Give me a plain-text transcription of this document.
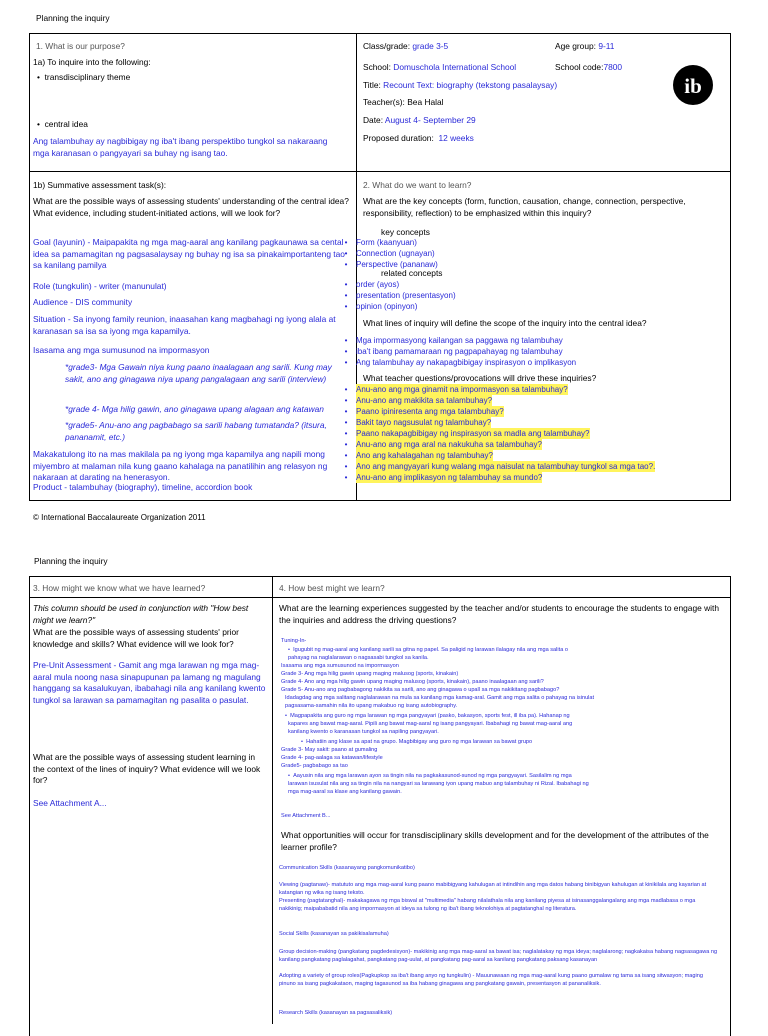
Planning the inquiry
1. What is our purpose?
1a) To inquire into the following:
•  transdisciplinary theme
•  central idea
Ang talambuhay ay nagbibigay ng iba't ibang perspektibo tungkol sa nakaraang mga karanasan o pangyayari sa buhay ng isang tao.
Class/grade: grade 3-5	Age group: 9-11
School: Domuschola International School	School code:7800
Title: Recount Text: biography (tekstong pasalaysay)
Teacher(s): Bea Halal
Date: August 4- September 29
Proposed duration: 12 weeks
ib
1b) Summative assessment task(s):
What are the possible ways of assessing students' understanding of the central idea? What evidence, including student-initiated actions, will we look for?
Goal (layunin) - Maipapakita ng mga mag-aaral ang kanilang pagkaunawa sa cental idea sa pamamagitan ng pagsasalaysay ng buhay ng isa sa pinakaimportanteng tao sa kanilang pamilya
Role (tungkulin) - writer (manunulat)
Audience - DIS community
Situation - Sa inyong family reunion, inaasahan kang magbahagi ng iyong alala at karanasan sa isa sa iyong mga kapamilya.
Isasama ang mga sumusunod na impormasyon
*grade3- Mga Gawain niya kung paano inaalagaan ang sarili. Kung may sakit, ano ang ginagawa niya upang pangalagaan ang sarili (interview)
*grade 4- Mga hilig gawin, ano ginagawa upang alagaan ang katawan
*grade5- Anu-ano ang pagbabago sa sarili habang tumatanda? (itsura, pananamit, etc.)
Makakatulong ito na mas makilala pa ng iyong mga kapamilya ang napili mong miyembro at malaman nila kung gaano kahalaga na panatilihin ang relasyon ng nakaraan at darating na henerasyon.
Product - talambuhay (biography), timeline, accordion book
2. What do we want to learn?
What are the key concepts (form, function, causation, change, connection, perspective, responsibility, reflection) to be emphasized within this inquiry?
key concepts
•	Form (kaanyuan)
•	Connection (ugnayan)
•	Perspective (pananaw)
related concepts
•	order (ayos)
•	presentation (presentasyon)
•	opinion (opinyon)
What lines of inquiry will define the scope of the inquiry into the central idea?
•	Mga impormasyong kailangan sa paggawa ng talambuhay
•	iba't ibang pamamaraan ng pagpapahayag ng talambuhay
•	Ang talambuhay ay nakapagbibigay inspirasyon o implikasyon
What teacher questions/provocations will drive these inquiries?
•	Anu-ano ang mga ginamit na impormasyon sa talambuhay?
•	Anu-ano ang makikita sa talambuhay?
•	Paano ipiniresenta ang mga talambuhay?
•	Bakit tayo nagsusulat ng talambuhay?
•	Paano nakapagbibigay ng inspirasyon sa madla ang talambuhay?
•	Anu-ano ang mga aral na nakukuha sa talambuhay?
•	Ano ang kahalagahan ng talambuhay?
•	Ano ang mangyayari kung walang mga naisulat na talambuhay tungkol sa mga tao?.
•	Anu-ano ang implikasyon ng talambuhay sa mundo?
© International Baccalaureate Organization 2011
Planning the inquiry
3. How might we know what we have learned?
This column should be used in conjunction with "How best might we learn?"
What are the possible ways of assessing students' prior knowledge and skills? What evidence will we look for?
Pre-Unit Assessment - Gamit ang mga larawan ng mga mag-aaral mula noong nasa sinapupunan pa lamang ng magulang hanggang sa kasalukuyan, ibabahagi nila ang kanilang kwento tungkol sa larawan sa pamamagitan ng pasalita o pasulat.
What are the possible ways of assessing student learning in the context of the lines of inquiry? What evidence will we look for?
See Attachment A...
4. How best might we learn?
What are the learning experiences suggested by the teacher and/or students to encourage the students to engage with the inquiries and address the driving questions?
Tuning-In-
•  Igugubit ng mag-aaral ang kanilang sarili sa gitna ng papel. Sa paligid ng larawan ilalagay nila ang mga salita o
pahayag na naglalarawan o nagsasabi tungkol sa kanila.
Isasama ang mga sumusunod na impormasyon
Grade 3- Ang mga hilig gawin upang maging malusog (sports, kinakain)
Grade 4- Ano ang mga hilig gawin upang maging malusog (sports, kinakain), paano inaalagaan ang sarili?
Grade 5- Anu-ano ang pagbabagong nakikita sa sarili, ano ang ginagawa o upall sa mga nakikitang pagbabago?
Idadagdag ang mga salitang naglalarawan na mula sa kanilang mga kamag-aral. Gamit ang mga salita o pahayag na isinulat
pagsasama-samahin nila ito upang makabuo ng isang autobiography.
•  Magpapakita ang guro ng mga larawan ng mga pangyayari (pasko, bakasyon, sports fest, ill iba pa). Hahanap ng
kapares ang bawat mag-aaral. Pipili ang bawat mag-aaral ng isang pangyayari. Ibabahagi ng bawat mag-aaral ang
kanilang kwento o karanasan tungkol sa napiling pangyayari.
•  Hahatiin ang klase sa apat na grupo. Magbibigay ang guro ng mga larawan sa bawat grupo
Grade 3- May sakit: paano at gumaling
Grade 4- pag-aalaga sa katawan/lifestyle
Grade5- pagbabago sa tao
•  Aayusin nila ang mga larawan ayon sa tingin nila na pagkakasunod-sunod ng mga pangyayari. Sasilalim ng mga
larawan isusulat nila ang sa tingin nila na nangyari sa larawang iyon upang mabuo ang talambuhay ni Rizal. Ibabahagi ng
mga mag-aaral sa klase ang kanilang gawain.
See Attachment B...
What opportunities will occur for transdisciplinary skills development and for the development of the attributes of the learner profile?
Communication Skills (kasanayang pangkomunikatibo)
Viewing (pagtanaw)- matututo ang mga mag-aaral kung paano mabibigyang kahulugan at intindihin ang mga datos habang binibigyan kahulugan at kinikilala ang kayarian at katangian ng wika ng isang teksto.
Presenting (pagtatanghal)- makakagawa ng mga biswal at "multimedia" habang nilalathala nila ang kanilang piyesa at isinasanggalangalang ang mga madlabasa o mga nakikinig; maipababatid nila ang impormasyon at ideya sa tulong ng iba't ibang teknolohiya at pagtatanghal ng literatura.
Social Skills (kasanayan sa pakikisalamuha)
Group decision-making (pangkatang pagdedesisyon)- makikinig ang mga mag-aaral sa bawat isa; naglalatakay ng mga ideya; naglalarong; nagkakaisa habang nagsasagawa ng kanilang pangkatang paglalagahat, pangkatang pag-uulat, at pangkatang pag-aaral sa kanilang pangkatang paksang kasanayan
Adopting a variety of group roles(Pagkupkop sa iba't ibang anyo ng tungkulin) - Mauunawaan ng mga mag-aaral kung paano gumalaw ng tama sa isang sitwasyon; maging pinuno sa isang pagkakataon, maging tagasunod sa iba habang ginagawa ang pangkatang gawain, presentasyon at pananaliksik.
Research Skills (kasanayan sa pagsasaliksik)
